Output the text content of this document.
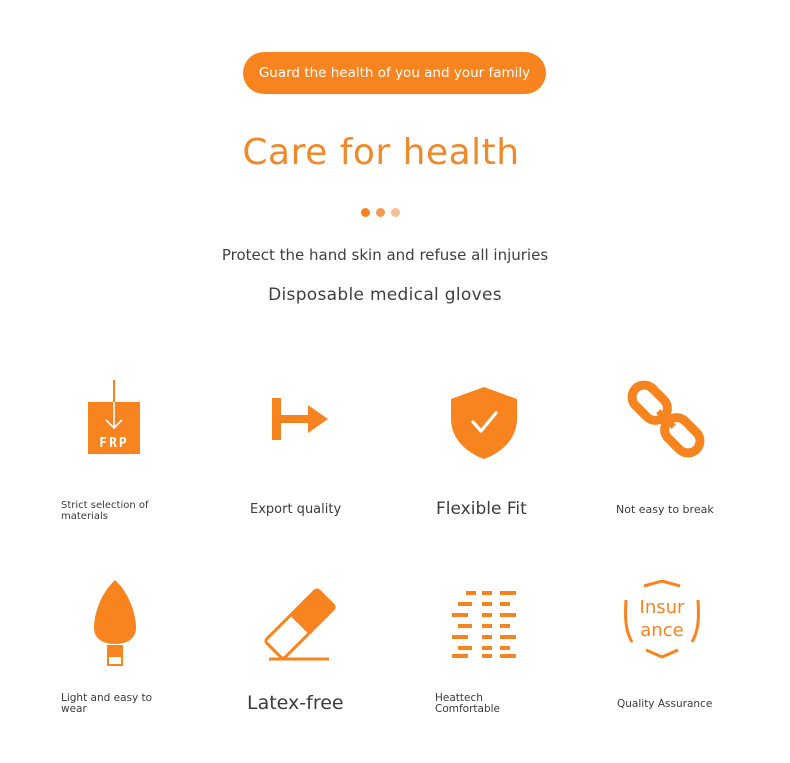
Guard the health of you and your family
Care for health
Protect the hand skin and refuse all injuries
Disposable medical gloves
FRP
Strict selection of
materials	Export quality	Flexible Fit	Not easy to break
Light and easy to
wear	Latex-free	Heattech
Comfortable
Insur
ance
Quality Assurance
